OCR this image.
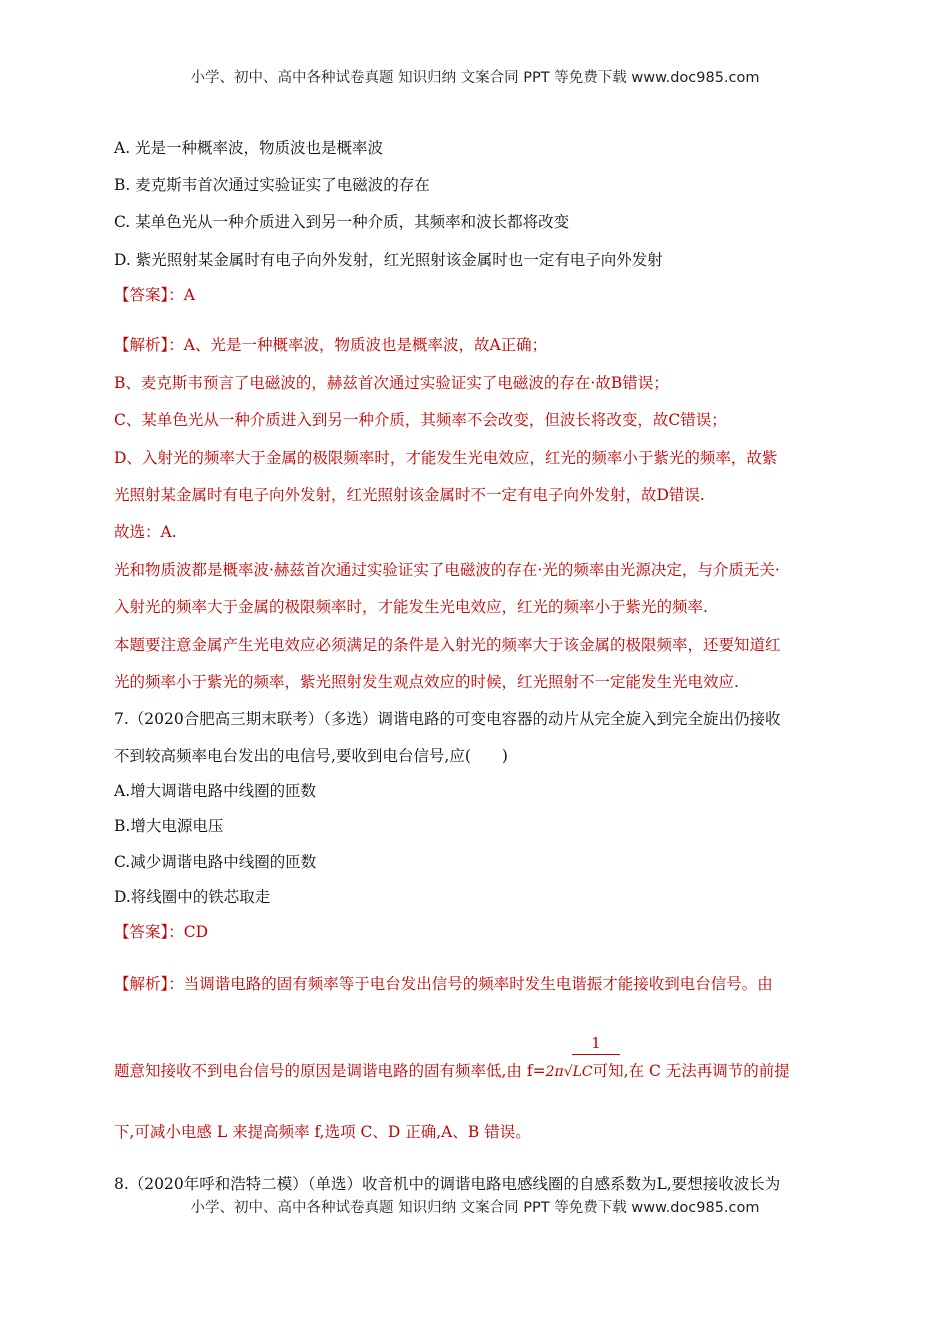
小学、初中、高中各种试卷真题 知识归纳 文案合同 PPT 等免费下载 www.doc985.com
A. 光是一种概率波，物质波也是概率波
B. 麦克斯韦首次通过实验证实了电磁波的存在
C. 某单色光从一种介质进入到另一种介质，其频率和波长都将改变
D. 紫光照射某金属时有电子向外发射，红光照射该金属时也一定有电子向外发射
【答案】：A
【解析】：A、光是一种概率波，物质波也是概率波，故A正确；
B、麦克斯韦预言了电磁波的，赫兹首次通过实验证实了电磁波的存在·故B错误；
C、某单色光从一种介质进入到另一种介质，其频率不会改变，但波长将改变，故C错误；
D、入射光的频率大于金属的极限频率时，才能发生光电效应，红光的频率小于紫光的频率，故紫
光照射某金属时有电子向外发射，红光照射该金属时不一定有电子向外发射，故D错误.
故选：A.
光和物质波都是概率波·赫兹首次通过实验证实了电磁波的存在·光的频率由光源决定，与介质无关·
入射光的频率大于金属的极限频率时，才能发生光电效应，红光的频率小于紫光的频率.
本题要注意金属产生光电效应必须满足的条件是入射光的频率大于该金属的极限频率，还要知道红
光的频率小于紫光的频率，紫光照射发生观点效应的时候，红光照射不一定能发生光电效应.
7.（2020合肥高三期末联考）（多选）调谐电路的可变电容器的动片从完全旋入到完全旋出仍接收
不到较高频率电台发出的电信号,要收到电台信号,应(　　)
A.增大调谐电路中线圈的匝数
B.增大电源电压
C.减少调谐电路中线圈的匝数
D.将线圈中的铁芯取走
【答案】：CD
【解析】：当调谐电路的固有频率等于电台发出信号的频率时发生电谐振才能接收到电台信号。由
1
题意知接收不到电台信号的原因是调谐电路的固有频率低,由 f=2π√LC可知,在 C 无法再调节的前提
下,可减小电感 L 来提高频率 f,选项 C、D 正确,A、B 错误。
8.（2020年呼和浩特二模）（单选）收音机中的调谐电路电感线圈的自感系数为L,要想接收波长为
小学、初中、高中各种试卷真题 知识归纳 文案合同 PPT 等免费下载 www.doc985.com
